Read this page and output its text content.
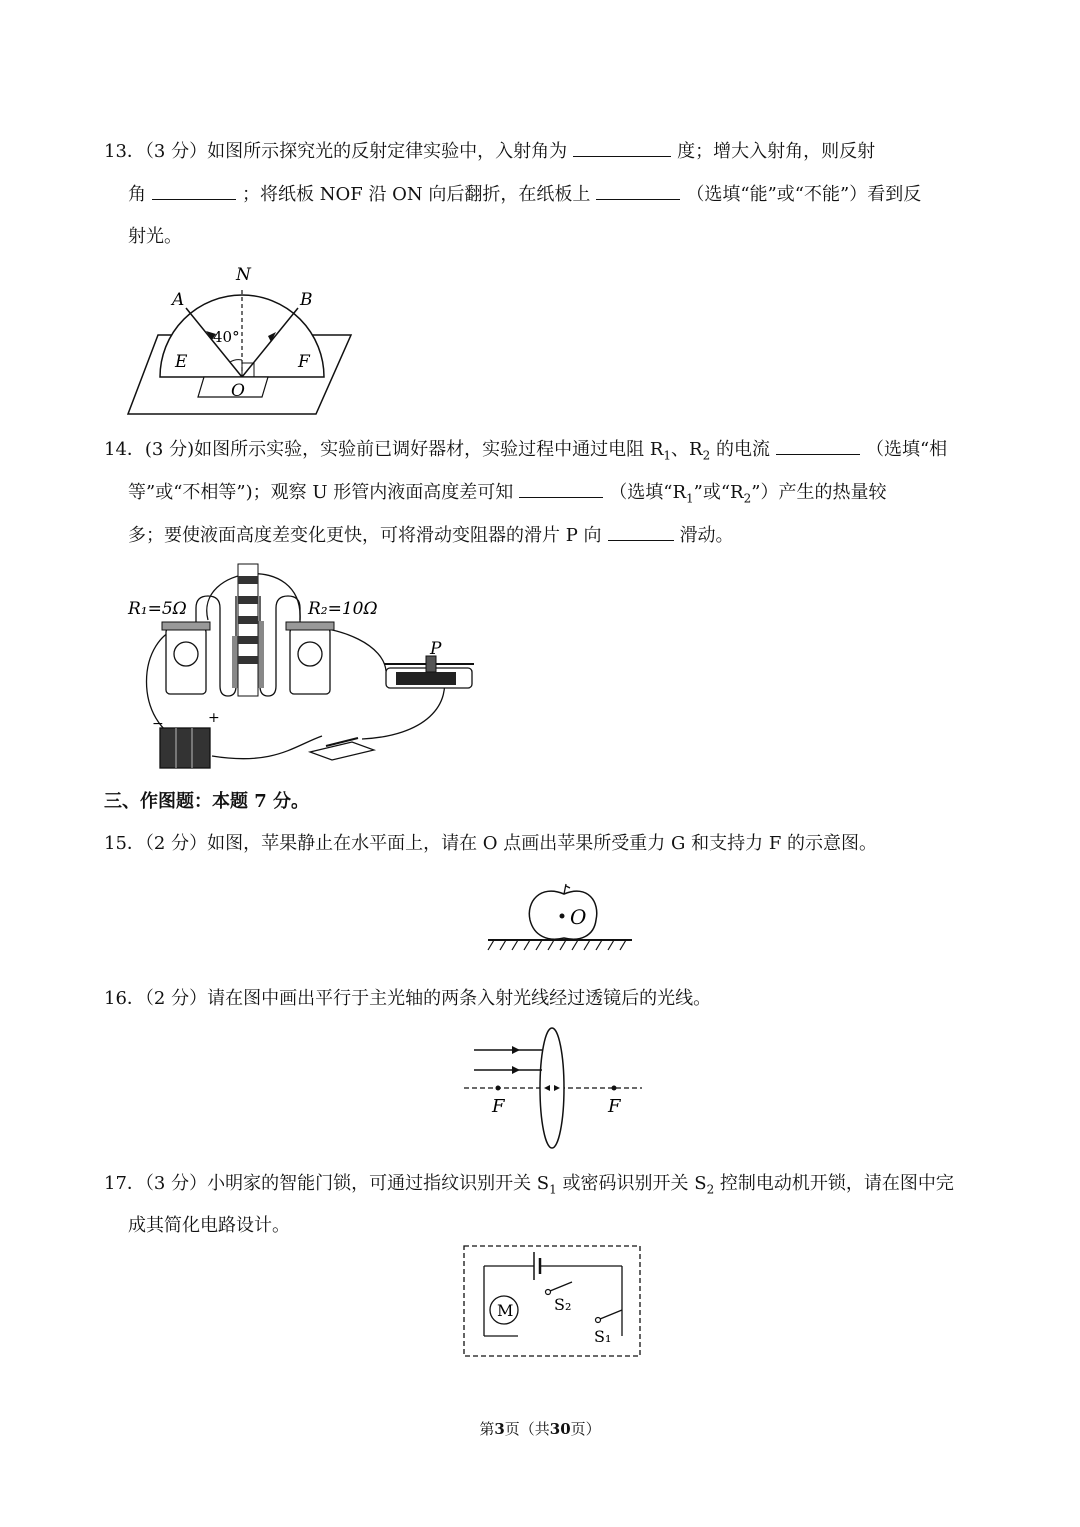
13．（3 分）如图所示探究光的反射定律实验中，入射角为	度；增大入射角，则反射
角	；将纸板 NOF 沿 ON 向后翻折，在纸板上	（选填“能”或“不能”）看到反
射光。
N
A	B
E	F
O
40°
14．(3 分)如图所示实验，实验前已调好器材，实验过程中通过电阻 $R_1$、$R_2$ 的电流	（选填“相
等”或“不相等”)；观察 U 形管内液面高度差可知	（选填“$R_1$”或“$R_2$”）产生的热量较
多；要使液面高度差变化更快，可将滑动变阻器的滑片 P 向	滑动。
R₁=5Ω	R₂=10Ω
P
−	+
三、作图题：本题 7 分。
15．（2 分）如图，苹果静止在水平面上，请在 O 点画出苹果所受重力 G 和支持力 F 的示意图。
O
16．（2 分）请在图中画出平行于主光轴的两条入射光线经过透镜后的光线。
F	F
17．（3 分）小明家的智能门锁，可通过指纹识别开关 $S_1$ 或密码识别开关 $S_2$ 控制电动机开锁，请在图中完
成其简化电路设计。
M	S₂
S₁
第3页（共30页）
